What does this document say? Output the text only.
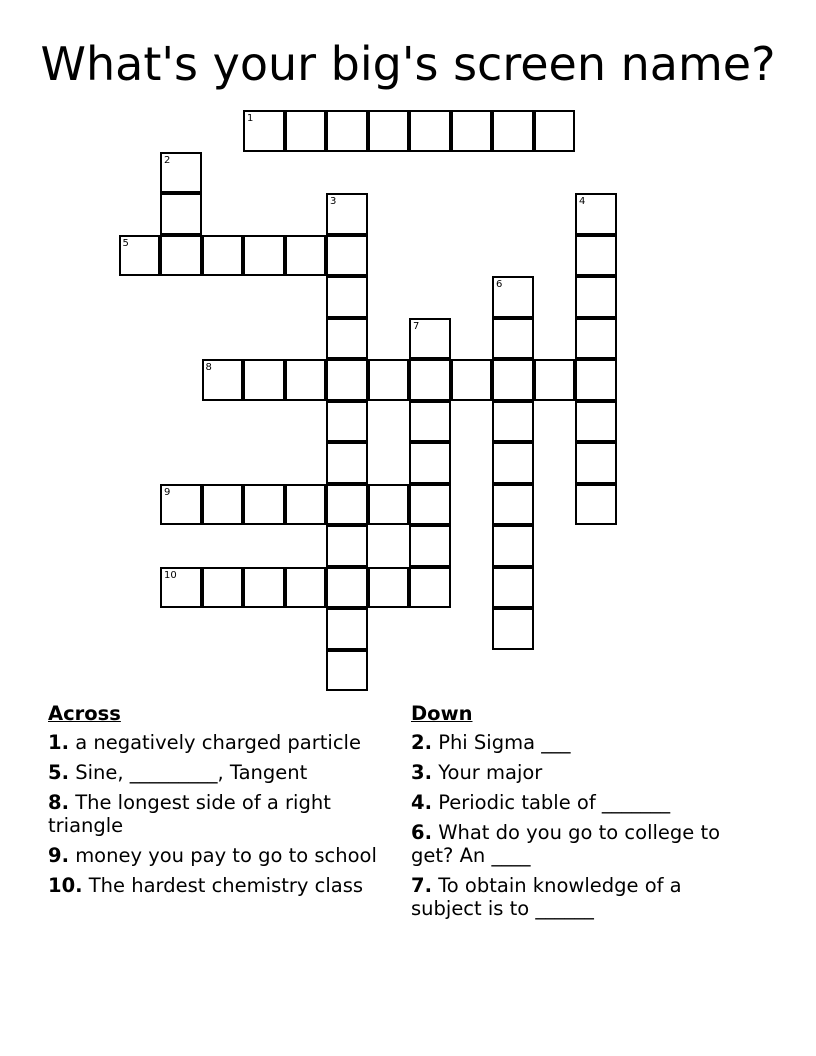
What's your big's screen name?
1
2
3	4
5
6
7
8
9
10
Across
1. a negatively charged particle
5. Sine, _________, Tangent
8. The longest side of a right triangle
9. money you pay to go to school
10. The hardest chemistry class
Down
2. Phi Sigma ___
3. Your major
4. Periodic table of _______
6. What do you go to college to get? An ____
7. To obtain knowledge of a subject is to ______
